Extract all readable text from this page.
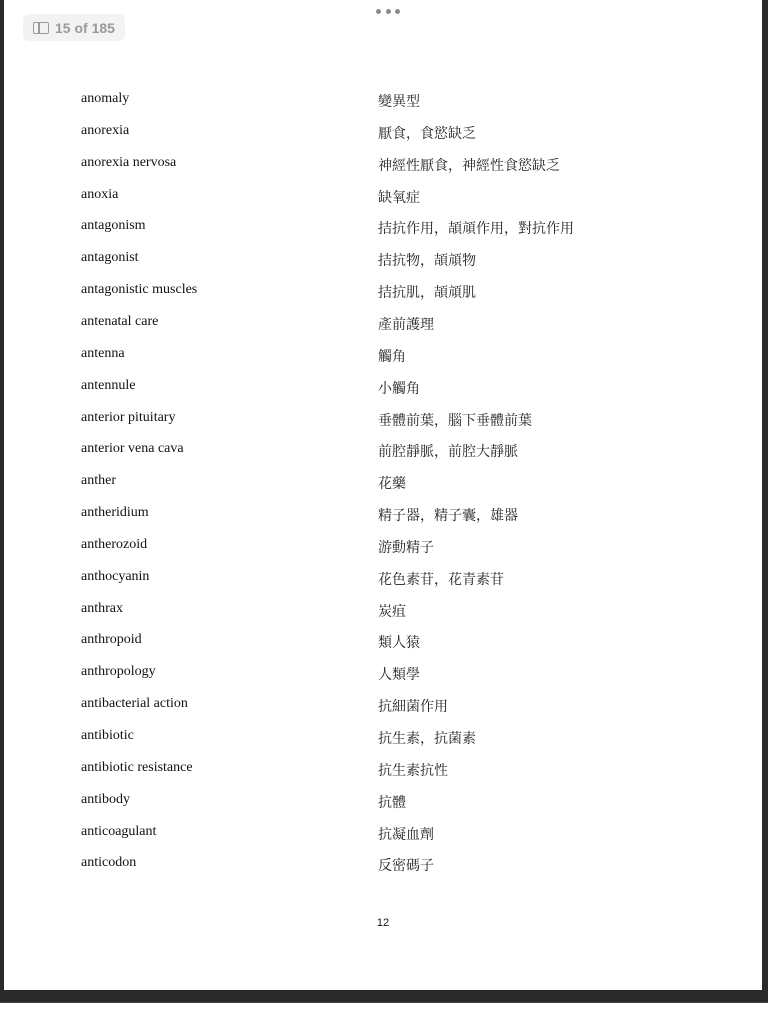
15 of 185
anomaly	變異型
anorexia	厭食，食慾缺乏
anorexia nervosa	神經性厭食，神經性食慾缺乏
anoxia	缺氧症
antagonism	拮抗作用，頡頏作用，對抗作用
antagonist	拮抗物，頡頏物
antagonistic muscles	拮抗肌，頡頏肌
antenatal care	產前護理
antenna	觸角
antennule	小觸角
anterior pituitary	垂體前葉，腦下垂體前葉
anterior vena cava	前腔靜脈，前腔大靜脈
anther	花藥
antheridium	精子器，精子囊，雄器
antherozoid	游動精子
anthocyanin	花色素苷，花青素苷
anthrax	炭疽
anthropoid	類人猿
anthropology	人類學
antibacterial action	抗細菌作用
antibiotic	抗生素，抗菌素
antibiotic resistance	抗生素抗性
antibody	抗體
anticoagulant	抗凝血劑
anticodon	反密碼子
12
